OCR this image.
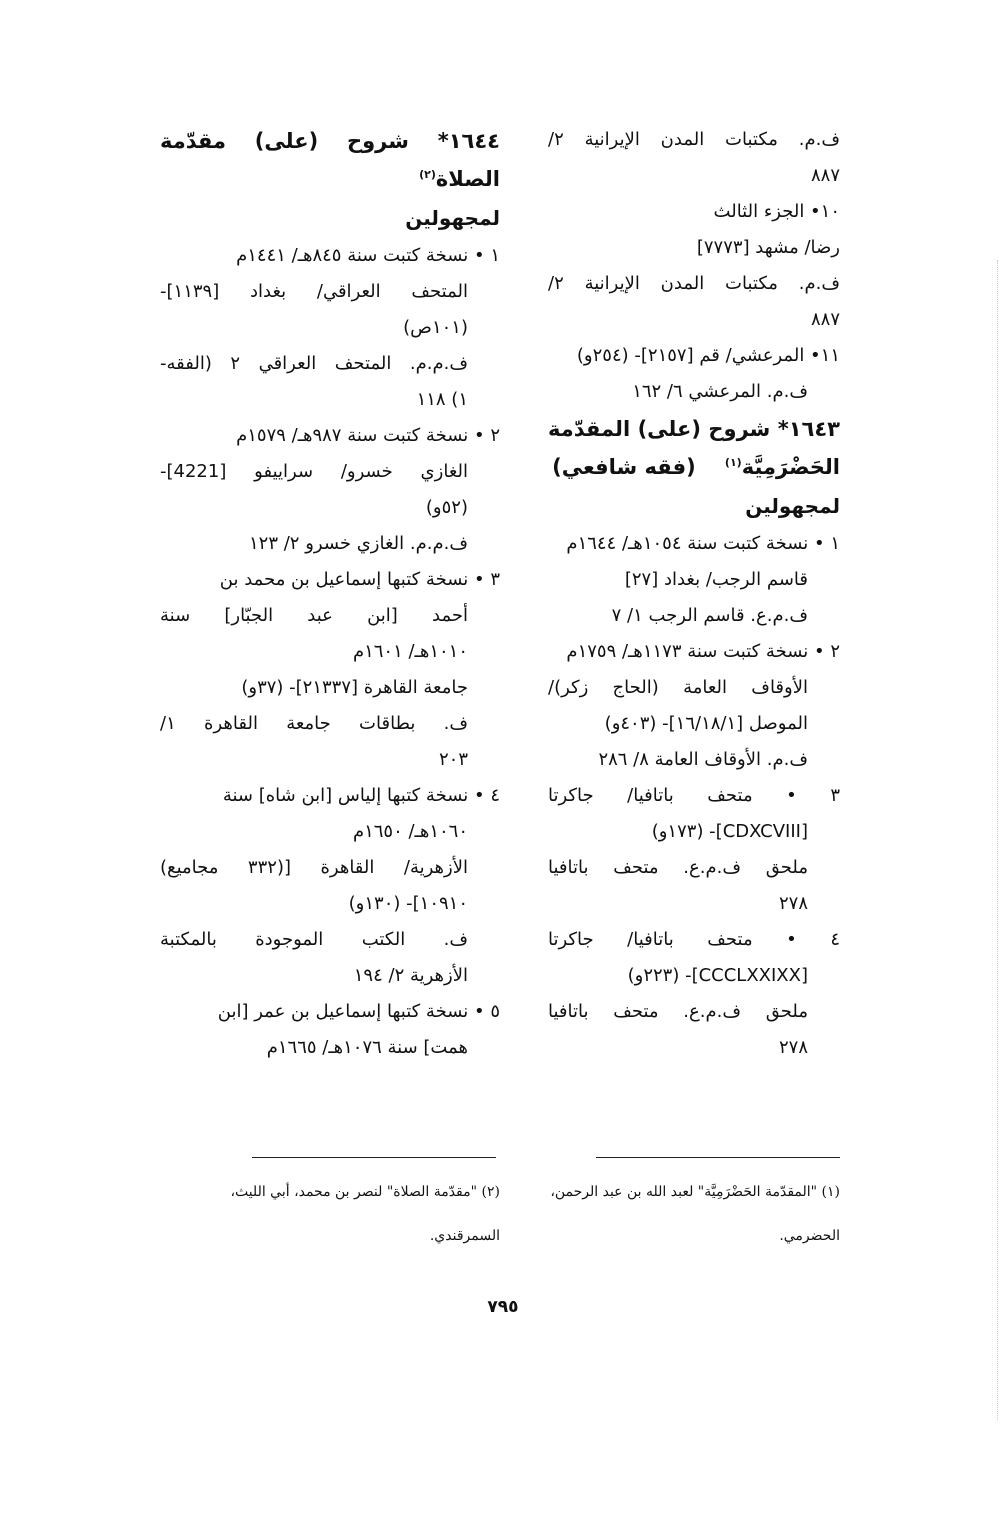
ف.م. مكتبات المدن الإيرانية ٢/
٨٨٧
١٠• الجزء الثالث
رضا/ مشهد [٧٧٧٣]
ف.م. مكتبات المدن الإيرانية ٢/
٨٨٧
١١• المرعشي/ قم [٢١٥٧]- (٢٥٤و)
ف.م. المرعشي ٦/ ١٦٢
١٦٤٣* شروح (على) المقدّمة
الحَضْرَمِيَّة$^{(١)}$    (فقه شافعي)
لمجهولين
١ • نسخة كتبت سنة ١٠٥٤هـ/ ١٦٤٤م
قاسم الرجب/ بغداد [٢٧]
ف.م.ع. قاسم الرجب ١/ ٧
٢ • نسخة كتبت سنة ١١٧٣هـ/ ١٧٥٩م
الأوقاف العامة (الحاج زكر)/
الموصل [١٦/١٨/١]- (٤٠٣و)
ف.م. الأوقاف العامة ٨/ ٢٨٦
٣ • متحف باتافيا/ جاكرتا
[CDXCVIII]- (١٧٣و)
ملحق ف.م.ع. متحف باتافيا
٢٧٨
٤ • متحف باتافيا/ جاكرتا
[CCCLXXIXX]- (٢٢٣و)
ملحق ف.م.ع. متحف باتافيا
٢٧٨
١٦٤٤* شروح (على) مقدّمة
الصلاة$^{(٢)}$
لمجهولين
١ • نسخة كتبت سنة ٨٤٥هـ/ ١٤٤١م
المتحف العراقي/ بغداد [١١٣٩]-
(١٠١ص)
ف.م.م. المتحف العراقي ٢ (الفقه-
١) ١١٨
٢ • نسخة كتبت سنة ٩٨٧هـ/ ١٥٧٩م
الغازي خسرو/ سراييفو [4221]-
(٥٢و)
ف.م.م. الغازي خسرو ٢/ ١٢٣
٣ • نسخة كتبها إسماعيل بن محمد بن
أحمد [ابن عبد الجبّار] سنة
١٠١٠هـ/ ١٦٠١م
جامعة القاهرة [٢١٣٣٧]- (٣٧و)
ف. بطاقات جامعة القاهرة ١/
٢٠٣
٤ • نسخة كتبها إلياس [ابن شاه] سنة
١٠٦٠هـ/ ١٦٥٠م
الأزهرية/ القاهرة [(٣٣٢ مجاميع)
١٠٩١٠]- (١٣٠و)
ف. الكتب الموجودة بالمكتبة
الأزهرية ٢/ ١٩٤
٥ • نسخة كتبها إسماعيل بن عمر [ابن
همت] سنة ١٠٧٦هـ/ ١٦٦٥م
(١) "المقدّمة الحَضْرَمِيَّة" لعبد الله بن عبد الرحمن،
الحضرمي.
(٢) "مقدّمة الصلاة" لنصر بن محمد، أبي الليث،
السمرقندي.
٧٩٥
